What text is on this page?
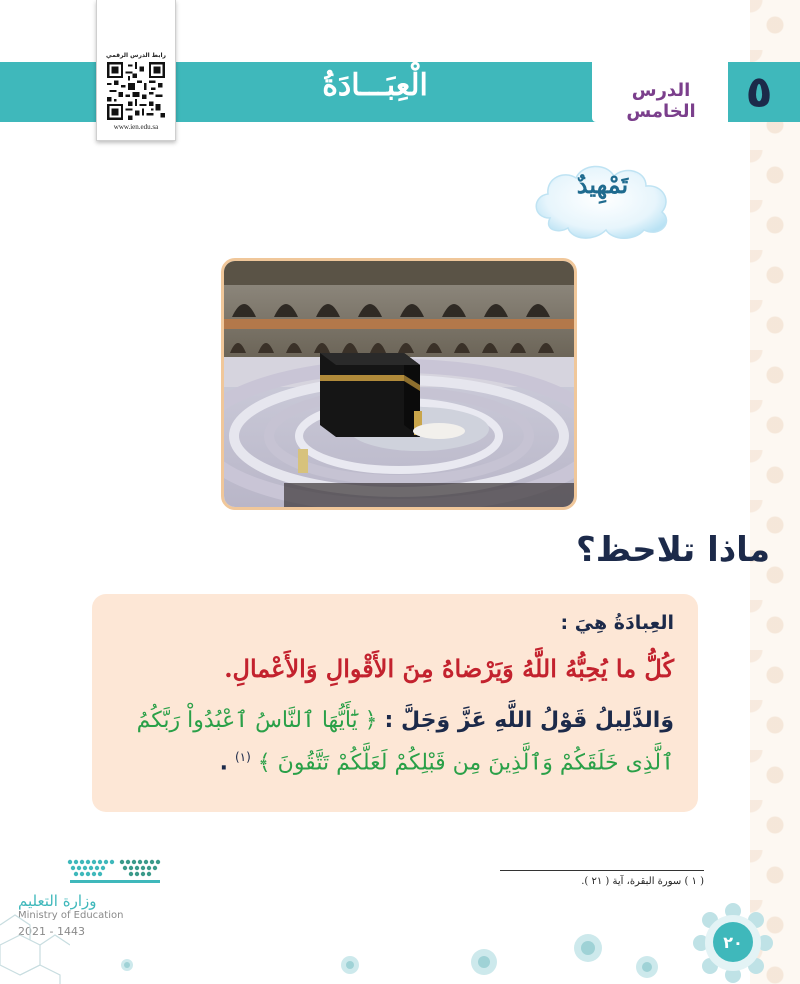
٥
الدرس الخامس
الْعِبَـــادَةُ
رابط الدرس الرقمي
www.ien.edu.sa
تَمْهِيدٌ
ماذا تلاحظ؟
العِبادَةُ هِيَ :
كُلُّ ما يُحِبُّهُ اللَّهُ وَيَرْضاهُ مِنَ الأَقْوالِ وَالأَعْمالِ.
وَالدَّلِيلُ قَوْلُ اللَّهِ عَزَّ وَجَلَّ : ﴿ يَٰٓأَيُّهَا ٱلنَّاسُ ٱعْبُدُواْ رَبَّكُمُ
ٱلَّذِى خَلَقَكُمْ وَٱلَّذِينَ مِن قَبْلِكُمْ لَعَلَّكُمْ تَتَّقُونَ ﴾ $^{(١)}$ .
( ١ ) سورة البقرة، آية ( ٢١ ).
وزارة التعليم
Ministry of Education
2021 - 1443
٢٠
